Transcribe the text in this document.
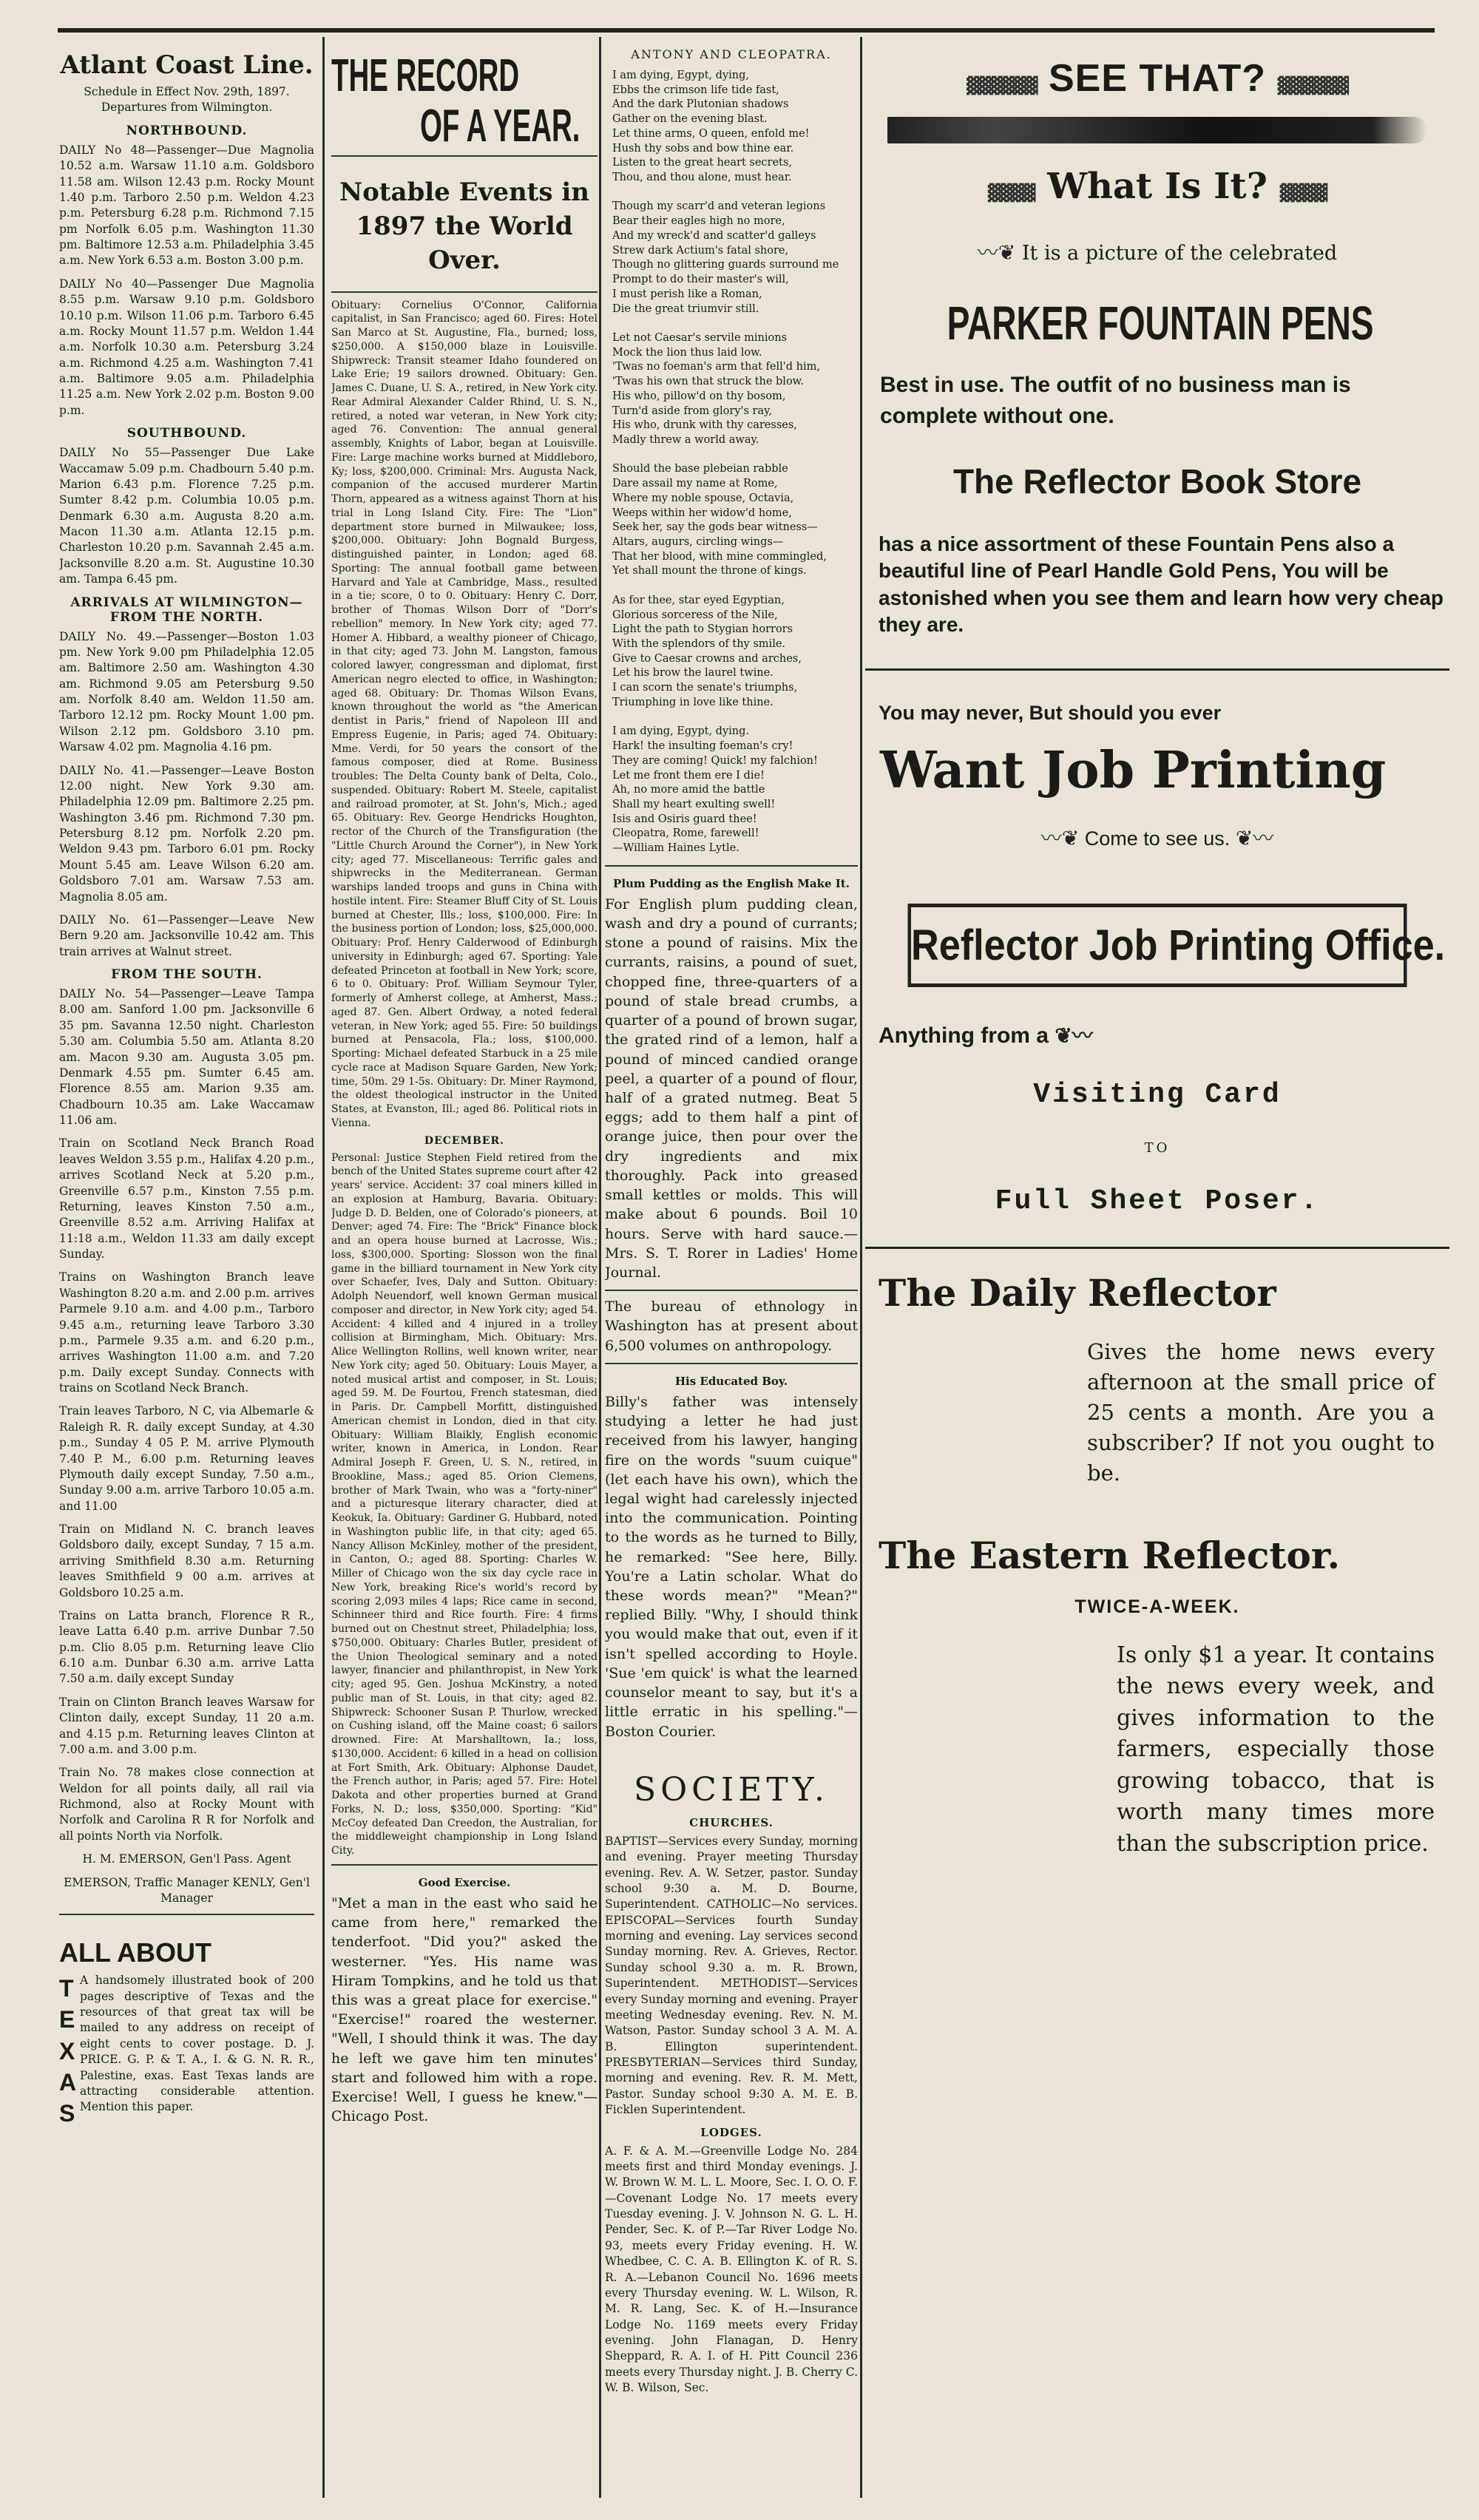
Atlant Coast Line.

Schedule in Effect Nov. 29th, 1897. Departures from Wilmington.

NORTHBOUND.

DAILY No 48—Passenger—Due Magnolia 10.52 a.m. Warsaw 11.10 a.m. Goldsboro 11.58 am. Wilson 12.43 p.m. Rocky Mount 1.40 p.m. Tarboro 2.50 p.m. Weldon 4.23 p.m. Petersburg 6.28 p.m. Richmond 7.15 pm Norfolk 6.05 p.m. Washington 11.30 pm. Baltimore 12.53 a.m. Philadelphia 3.45 a.m. New York 6.53 a.m. Boston 3.00 p.m.

DAILY No 40—Passenger Due Magnolia 8.55 p.m. Warsaw 9.10 p.m. Goldsboro 10.10 p.m. Wilson 11.06 p.m. Tarboro 6.45 a.m. Rocky Mount 11.57 p.m. Weldon 1.44 a.m. Norfolk 10.30 a.m. Petersburg 3.24 a.m. Richmond 4.25 a.m. Washington 7.41 a.m. Baltimore 9.05 a.m. Philadelphia 11.25 a.m. New York 2.02 p.m. Boston 9.00 p.m.

SOUTHBOUND.

DAILY No 55—Passenger Due Lake Waccamaw 5.09 p.m. Chadbourn 5.40 p.m. Marion 6.43 p.m. Florence 7.25 p.m. Sumter 8.42 p.m. Columbia 10.05 p.m. Denmark 6.30 a.m. Augusta 8.20 a.m. Macon 11.30 a.m. Atlanta 12.15 p.m. Charleston 10.20 p.m. Savannah 2.45 a.m. Jacksonville 8.20 a.m. St. Augustine 10.30 am. Tampa 6.45 pm.

ARRIVALS AT WILMINGTON— FROM THE NORTH.

DAILY No. 49.—Passenger—Boston 1.03 pm. New York 9.00 pm Philadelphia 12.05 am. Baltimore 2.50 am. Washington 4.30 am. Richmond 9.05 am Petersburg 9.50 am. Norfolk 8.40 am. Weldon 11.50 am. Tarboro 12.12 pm. Rocky Mount 1.00 pm. Wilson 2.12 pm. Goldsboro 3.10 pm. Warsaw 4.02 pm. Magnolia 4.16 pm.

DAILY No. 41.—Passenger—Leave Boston 12.00 night. New York 9.30 am. Philadelphia 12.09 pm. Baltimore 2.25 pm. Washington 3.46 pm. Richmond 7.30 pm. Petersburg 8.12 pm. Norfolk 2.20 pm. Weldon 9.43 pm. Tarboro 6.01 pm. Rocky Mount 5.45 am. Leave Wilson 6.20 am. Goldsboro 7.01 am. Warsaw 7.53 am. Magnolia 8.05 am.

DAILY No. 61—Passenger—Leave New Bern 9.20 am. Jacksonville 10.42 am. This train arrives at Walnut street.

FROM THE SOUTH.

DAILY No. 54—Passenger—Leave Tampa 8.00 am. Sanford 1.00 pm. Jacksonville 6 35 pm. Savanna 12.50 night. Charleston 5.30 am. Columbia 5.50 am. Atlanta 8.20 am. Macon 9.30 am. Augusta 3.05 pm. Denmark 4.55 pm. Sumter 6.45 am. Florence 8.55 am. Marion 9.35 am. Chadbourn 10.35 am. Lake Waccamaw 11.06 am.

Train on Scotland Neck Branch Road leaves Weldon 3.55 p.m., Halifax 4.20 p.m., arrives Scotland Neck at 5.20 p.m., Greenville 6.57 p.m., Kinston 7.55 p.m. Returning, leaves Kinston 7.50 a.m., Greenville 8.52 a.m. Arriving Halifax at 11:18 a.m., Weldon 11.33 am daily except Sunday.

Trains on Washington Branch leave Washington 8.20 a.m. and 2.00 p.m. arrives Parmele 9.10 a.m. and 4.00 p.m., Tarboro 9.45 a.m., returning leave Tarboro 3.30 p.m., Parmele 9.35 a.m. and 6.20 p.m., arrives Washington 11.00 a.m. and 7.20 p.m. Daily except Sunday. Connects with trains on Scotland Neck Branch.

Train leaves Tarboro, N C, via Albemarle & Raleigh R. R. daily except Sunday, at 4.30 p.m., Sunday 4 05 P. M. arrive Plymouth 7.40 P. M., 6.00 p.m. Returning leaves Plymouth daily except Sunday, 7.50 a.m., Sunday 9.00 a.m. arrive Tarboro 10.05 a.m. and 11.00

Train on Midland N. C. branch leaves Goldsboro daily, except Sunday, 7 15 a.m. arriving Smithfield 8.30 a.m. Returning leaves Smithfield 9 00 a.m. arrives at Goldsboro 10.25 a.m.

Trains on Latta branch, Florence R R., leave Latta 6.40 p.m. arrive Dunbar 7.50 p.m. Clio 8.05 p.m. Returning leave Clio 6.10 a.m. Dunbar 6.30 a.m. arrive Latta 7.50 a.m. daily except Sunday

Train on Clinton Branch leaves Warsaw for Clinton daily, except Sunday, 11 20 a.m. and 4.15 p.m. Returning leaves Clinton at 7.00 a.m. and 3.00 p.m.

Train No. 78 makes close connection at Weldon for all points daily, all rail via Richmond, also at Rocky Mount with Norfolk and Carolina R R for Norfolk and all points North via Norfolk.

H. M. EMERSON, Gen'l Pass. Agent

EMERSON, Traffic Manager KENLY, Gen'l Manager

ALL ABOUT
T E X A S

A handsomely illustrated book of 200 pages descriptive of Texas and the resources of that great tax will be mailed to any address on receipt of eight cents to cover postage. D. J. PRICE. G. P. & T. A., I. & G. N. R. R., Palestine, exas. East Texas lands are attracting considerable attention. Mention this paper.

THE RECORD
OF A YEAR.
Notable Events in 1897 the World Over.

Obituary: Cornelius O'Connor, California capitalist, in San Francisco; aged 60. Fires: Hotel San Marco at St. Augustine, Fla., burned; loss, $250,000. A $150,000 blaze in Louisville. Shipwreck: Transit steamer Idaho foundered on Lake Erie; 19 sailors drowned. Obituary: Gen. James C. Duane, U. S. A., retired, in New York city. Rear Admiral Alexander Calder Rhind, U. S. N., retired, a noted war veteran, in New York city; aged 76. Convention: The annual general assembly, Knights of Labor, began at Louisville. Fire: Large machine works burned at Middleboro, Ky; loss, $200,000. Criminal: Mrs. Augusta Nack, companion of the accused murderer Martin Thorn, appeared as a witness against Thorn at his trial in Long Island City. Fire: The "Lion" department store burned in Milwaukee; loss, $200,000. Obituary: John Bognald Burgess, distinguished painter, in London; aged 68. Sporting: The annual football game between Harvard and Yale at Cambridge, Mass., resulted in a tie; score, 0 to 0. Obituary: Henry C. Dorr, brother of Thomas Wilson Dorr of "Dorr's rebellion" memory. In New York city; aged 77. Homer A. Hibbard, a wealthy pioneer of Chicago, in that city; aged 73. John M. Langston, famous colored lawyer, congressman and diplomat, first American negro elected to office, in Washington; aged 68. Obituary: Dr. Thomas Wilson Evans, known throughout the world as "the American dentist in Paris," friend of Napoleon III and Empress Eugenie, in Paris; aged 74. Obituary: Mme. Verdi, for 50 years the consort of the famous composer, died at Rome. Business troubles: The Delta County bank of Delta, Colo., suspended. Obituary: Robert M. Steele, capitalist and railroad promoter, at St. John's, Mich.; aged 65. Obituary: Rev. George Hendricks Houghton, rector of the Church of the Transfiguration (the "Little Church Around the Corner"), in New York city; aged 77. Miscellaneous: Terrific gales and shipwrecks in the Mediterranean. German warships landed troops and guns in China with hostile intent. Fire: Steamer Bluff City of St. Louis burned at Chester, Ills.; loss, $100,000. Fire: In the business portion of London; loss, $25,000,000. Obituary: Prof. Henry Calderwood of Edinburgh university in Edinburgh; aged 67. Sporting: Yale defeated Princeton at football in New York; score, 6 to 0. Obituary: Prof. William Seymour Tyler, formerly of Amherst college, at Amherst, Mass.; aged 87. Gen. Albert Ordway, a noted federal veteran, in New York; aged 55. Fire: 50 buildings burned at Pensacola, Fla.; loss, $100,000. Sporting: Michael defeated Starbuck in a 25 mile cycle race at Madison Square Garden, New York; time, 50m. 29 1-5s. Obituary: Dr. Miner Raymond, the oldest theological instructor in the United States, at Evanston, Ill.; aged 86. Political riots in Vienna.

DECEMBER.

Personal: Justice Stephen Field retired from the bench of the United States supreme court after 42 years' service. Accident: 37 coal miners killed in an explosion at Hamburg, Bavaria. Obituary: Judge D. D. Belden, one of Colorado's pioneers, at Denver; aged 74. Fire: The "Brick" Finance block and an opera house burned at Lacrosse, Wis.; loss, $300,000. Sporting: Slosson won the final game in the billiard tournament in New York city over Schaefer, Ives, Daly and Sutton. Obituary: Adolph Neuendorf, well known German musical composer and director, in New York city; aged 54. Accident: 4 killed and 4 injured in a trolley collision at Birmingham, Mich. Obituary: Mrs. Alice Wellington Rollins, well known writer, near New York city; aged 50. Obituary: Louis Mayer, a noted musical artist and composer, in St. Louis; aged 59. M. De Fourtou, French statesman, died in Paris. Dr. Campbell Morfitt, distinguished American chemist in London, died in that city. Obituary: William Blaikly, English economic writer, known in America, in London. Rear Admiral Joseph F. Green, U. S. N., retired, in Brookline, Mass.; aged 85. Orion Clemens, brother of Mark Twain, who was a "forty-niner" and a picturesque literary character, died at Keokuk, Ia. Obituary: Gardiner G. Hubbard, noted in Washington public life, in that city; aged 65. Nancy Allison McKinley, mother of the president, in Canton, O.; aged 88. Sporting: Charles W. Miller of Chicago won the six day cycle race in New York, breaking Rice's world's record by scoring 2,093 miles 4 laps; Rice came in second, Schinneer third and Rice fourth. Fire: 4 firms burned out on Chestnut street, Philadelphia; loss, $750,000. Obituary: Charles Butler, president of the Union Theological seminary and a noted lawyer, financier and philanthropist, in New York city; aged 95. Gen. Joshua McKinstry, a noted public man of St. Louis, in that city; aged 82. Shipwreck: Schooner Susan P. Thurlow, wrecked on Cushing island, off the Maine coast; 6 sailors drowned. Fire: At Marshalltown, Ia.; loss, $130,000. Accident: 6 killed in a head on collision at Fort Smith, Ark. Obituary: Alphonse Daudet, the French author, in Paris; aged 57. Fire: Hotel Dakota and other properties burned at Grand Forks, N. D.; loss, $350,000. Sporting: "Kid" McCoy defeated Dan Creedon, the Australian, for the middleweight championship in Long Island City.

Good Exercise.

"Met a man in the east who said he came from here," remarked the tenderfoot. "Did you?" asked the westerner. "Yes. His name was Hiram Tompkins, and he told us that this was a great place for exercise." "Exercise!" roared the westerner. "Well, I should think it was. The day he left we gave him ten minutes' start and followed him with a rope. Exercise! Well, I guess he knew."—Chicago Post.

ANTONY AND CLEOPATRA.
I am dying, Egypt, dying,
Ebbs the crimson life tide fast,
And the dark Plutonian shadows
Gather on the evening blast.
Let thine arms, O queen, enfold me!
Hush thy sobs and bow thine ear.
Listen to the great heart secrets,
Thou, and thou alone, must hear.

Though my scarr'd and veteran legions
Bear their eagles high no more,
And my wreck'd and scatter'd galleys
Strew dark Actium's fatal shore,
Though no glittering guards surround me
Prompt to do their master's will,
I must perish like a Roman,
Die the great triumvir still.

Let not Caesar's servile minions
Mock the lion thus laid low.
'Twas no foeman's arm that fell'd him,
'Twas his own that struck the blow.
His who, pillow'd on thy bosom,
Turn'd aside from glory's ray,
His who, drunk with thy caresses,
Madly threw a world away.

Should the base plebeian rabble
Dare assail my name at Rome,
Where my noble spouse, Octavia,
Weeps within her widow'd home,
Seek her, say the gods bear witness—
Altars, augurs, circling wings—
That her blood, with mine commingled,
Yet shall mount the throne of kings.

As for thee, star eyed Egyptian,
Glorious sorceress of the Nile,
Light the path to Stygian horrors
With the splendors of thy smile.
Give to Caesar crowns and arches,
Let his brow the laurel twine.
I can scorn the senate's triumphs,
Triumphing in love like thine.

I am dying, Egypt, dying.
Hark! the insulting foeman's cry!
They are coming! Quick! my falchion!
Let me front them ere I die!
Ah, no more amid the battle
Shall my heart exulting swell!
Isis and Osiris guard thee!
Cleopatra, Rome, farewell!
—William Haines Lytle.
Plum Pudding as the English Make It.

For English plum pudding clean, wash and dry a pound of currants; stone a pound of raisins. Mix the currants, raisins, a pound of suet, chopped fine, three-quarters of a pound of stale bread crumbs, a quarter of a pound of brown sugar, the grated rind of a lemon, half a pound of minced candied orange peel, a quarter of a pound of flour, half of a grated nutmeg. Beat 5 eggs; add to them half a pint of orange juice, then pour over the dry ingredients and mix thoroughly. Pack into greased small kettles or molds. This will make about 6 pounds. Boil 10 hours. Serve with hard sauce.—Mrs. S. T. Rorer in Ladies' Home Journal.

The bureau of ethnology in Washington has at present about 6,500 volumes on anthropology.

His Educated Boy.

Billy's father was intensely studying a letter he had just received from his lawyer, hanging fire on the words "suum cuique" (let each have his own), which the legal wight had carelessly injected into the communication. Pointing to the words as he turned to Billy, he remarked: "See here, Billy. You're a Latin scholar. What do these words mean?" "Mean?" replied Billy. "Why, I should think you would make that out, even if it isn't spelled according to Hoyle. 'Sue 'em quick' is what the learned counselor meant to say, but it's a little erratic in his spelling."—Boston Courier.

SOCIETY.
CHURCHES.

BAPTIST—Services every Sunday, morning and evening. Prayer meeting Thursday evening. Rev. A. W. Setzer, pastor. Sunday school 9:30 a. M. D. Bourne, Superintendent. CATHOLIC—No services. EPISCOPAL—Services fourth Sunday morning and evening. Lay services second Sunday morning. Rev. A. Grieves, Rector. Sunday school 9.30 a. m. R. Brown, Superintendent. METHODIST—Services every Sunday morning and evening. Prayer meeting Wednesday evening. Rev. N. M. Watson, Pastor. Sunday school 3 A. M. A. B. Ellington superintendent. PRESBYTERIAN—Services third Sunday, morning and evening. Rev. R. M. Mett, Pastor. Sunday school 9:30 A. M. E. B. Ficklen Superintendent.

LODGES.

A. F. & A. M.—Greenville Lodge No. 284 meets first and third Monday evenings. J. W. Brown W. M. L. L. Moore, Sec. I. O. O. F.—Covenant Lodge No. 17 meets every Tuesday evening. J. V. Johnson N. G. L. H. Pender, Sec. K. of P.—Tar River Lodge No. 93, meets every Friday evening. H. W. Whedbee, C. C. A. B. Ellington K. of R. S. R. A.—Lebanon Council No. 1696 meets every Thursday evening. W. L. Wilson, R. M. R. Lang, Sec. K. of H.—Insurance Lodge No. 1169 meets every Friday evening. John Flanagan, D. Henry Sheppard, R. A. I. of H. Pitt Council 236 meets every Thursday night. J. B. Cherry C. W. B. Wilson, Sec.

▓▓▓▓▓▓ SEE THAT? ▓▓▓▓▓▓
▓▓▓▓ What Is It? ▓▓▓▓
〰❦ It is a picture of the celebrated
PARKER FOUNTAIN PENS
Best in use. The outfit of no business man is complete without one.
The Reflector Book Store
has a nice assortment of these Fountain Pens also a beautiful line of Pearl Handle Gold Pens, You will be astonished when you see them and learn how very cheap they are.
You may never, But should you ever
Want Job Printing
〰❦ Come to see us. ❦〰
Reflector Job Printing Office.
Anything from a ❦〰
Visiting Card
TO
Full Sheet Poser.
The Daily Reflector
Gives the home news every afternoon at the small price of 25 cents a month. Are you a subscriber? If not you ought to be.
The Eastern Reflector.
TWICE-A-WEEK.
Is only $1 a year. It contains the news every week, and gives information to the farmers, especially those growing tobacco, that is worth many times more than the subscription price.
